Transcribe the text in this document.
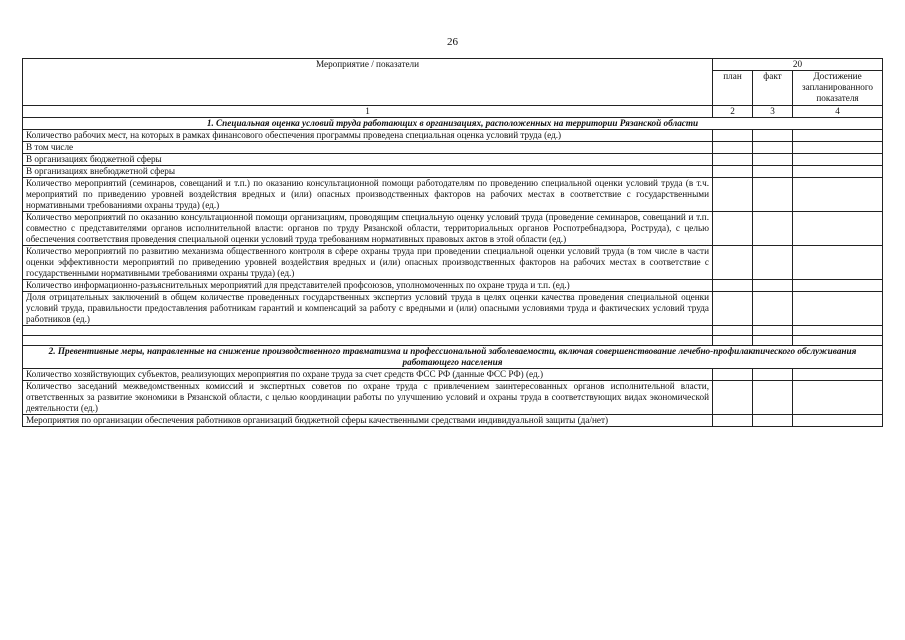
26
Мероприятие / показатели	20		
	план	факт	Достижение запланированного показателя
1	2	3	4
1. Специальная оценка условий труда работающих в организациях, расположенных на территории Рязанской области			
Количество рабочих мест, на которых в рамках финансового обеспечения программы проведена специальная оценка условий труда (ед.)			
В том числе			
В организациях бюджетной сферы			
В организациях внебюджетной сферы			
Количество мероприятий (семинаров, совещаний и т.п.) по оказанию консультационной помощи работодателям по проведению специальной оценки условий труда (в т.ч. мероприятий по приведению уровней воздействия вредных и (или) опасных производственных факторов на рабочих местах в соответствие с государственными нормативными требованиями охраны труда) (ед.)			
Количество мероприятий по оказанию консультационной помощи организациям, проводящим специальную оценку условий труда (проведение семинаров, совещаний и т.п. совместно с представителями органов исполнительной власти: органов по труду Рязанской области, территориальных органов Роспотребнадзора, Роструда), с целью обеспечения соответствия проведения специальной оценки условий труда требованиям нормативных правовых актов в этой области (ед.)			
Количество мероприятий по развитию механизма общественного контроля в сфере охраны труда при проведении специальной оценки условий труда (в том числе в части оценки эффективности мероприятий по приведению уровней воздействия вредных и (или) опасных производственных факторов на рабочих местах в соответствие с государственными нормативными требованиями охраны труда) (ед.)			
Количество информационно-разъяснительных мероприятий для представителей профсоюзов, уполномоченных по охране труда и т.п. (ед.)			
Доля отрицательных заключений в общем количестве проведенных государственных экспертиз условий труда в целях оценки качества проведения специальной оценки условий труда, правильности предоставления работникам гарантий и компенсаций за работу с вредными и (или) опасными условиями труда и фактических условий труда работников (ед.)			

2. Превентивные меры, направленные на снижение производственного травматизма и профессиональной заболеваемости, включая совершенствование лечебно-профилактического обслуживания работающего населения			
Количество хозяйствующих субъектов, реализующих мероприятия по охране труда за счет средств ФСС РФ (данные ФСС РФ) (ед.)			
Количество заседаний межведомственных комиссий и экспертных советов по охране труда с привлечением заинтересованных органов исполнительной власти, ответственных за развитие экономики в Рязанской области, с целью координации работы по улучшению условий и охраны труда в соответствующих видах экономической деятельности (ед.)			
Мероприятия по организации обеспечения работников организаций бюджетной сферы качественными средствами индивидуальной защиты (да/нет)			
